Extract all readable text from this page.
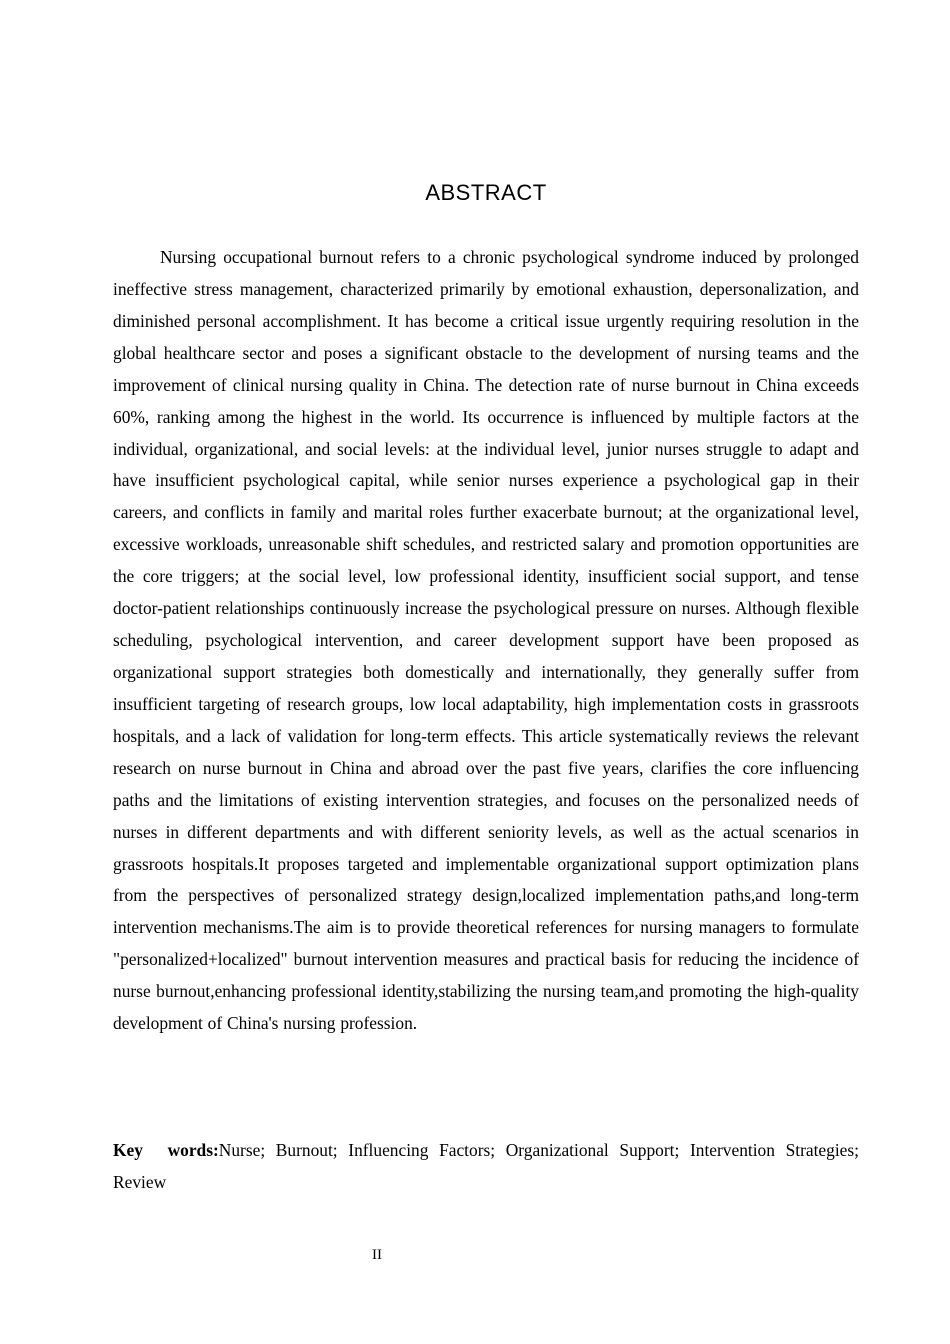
ABSTRACT

Nursing occupational burnout refers to a chronic psychological syndrome induced by prolonged ineffective stress management, characterized primarily by emotional exhaustion, depersonalization, and diminished personal accomplishment. It has become a critical issue urgently requiring resolution in the global healthcare sector and poses a significant obstacle to the development of nursing teams and the improvement of clinical nursing quality in China. The detection rate of nurse burnout in China exceeds 60%, ranking among the highest in the world. Its occurrence is influenced by multiple factors at the individual, organizational, and social levels: at the individual level, junior nurses struggle to adapt and have insufficient psychological capital, while senior nurses experience a psychological gap in their careers, and conflicts in family and marital roles further exacerbate burnout; at the organizational level, excessive workloads, unreasonable shift schedules, and restricted salary and promotion opportunities are the core triggers; at the social level, low professional identity, insufficient social support, and tense doctor-patient relationships continuously increase the psychological pressure on nurses. Although flexible scheduling, psychological intervention, and career development support have been proposed as organizational support strategies both domestically and internationally, they generally suffer from insufficient targeting of research groups, low local adaptability, high implementation costs in grassroots hospitals, and a lack of validation for long-term effects. This article systematically reviews the relevant research on nurse burnout in China and abroad over the past five years, clarifies the core influencing paths and the limitations of existing intervention strategies, and focuses on the personalized needs of nurses in different departments and with different seniority levels, as well as the actual scenarios in grassroots hospitals.It proposes targeted and implementable organizational support optimization plans from the perspectives of personalized strategy design,localized implementation paths,and long-term intervention mechanisms.The aim is to provide theoretical references for nursing managers to formulate "personalized+localized" burnout intervention measures and practical basis for reducing the incidence of nurse burnout,enhancing professional identity,stabilizing the nursing team,and promoting the high-quality development of China's nursing profession.

Key words:Nurse; Burnout; Influencing Factors; Organizational Support; Intervention Strategies; Review

II
